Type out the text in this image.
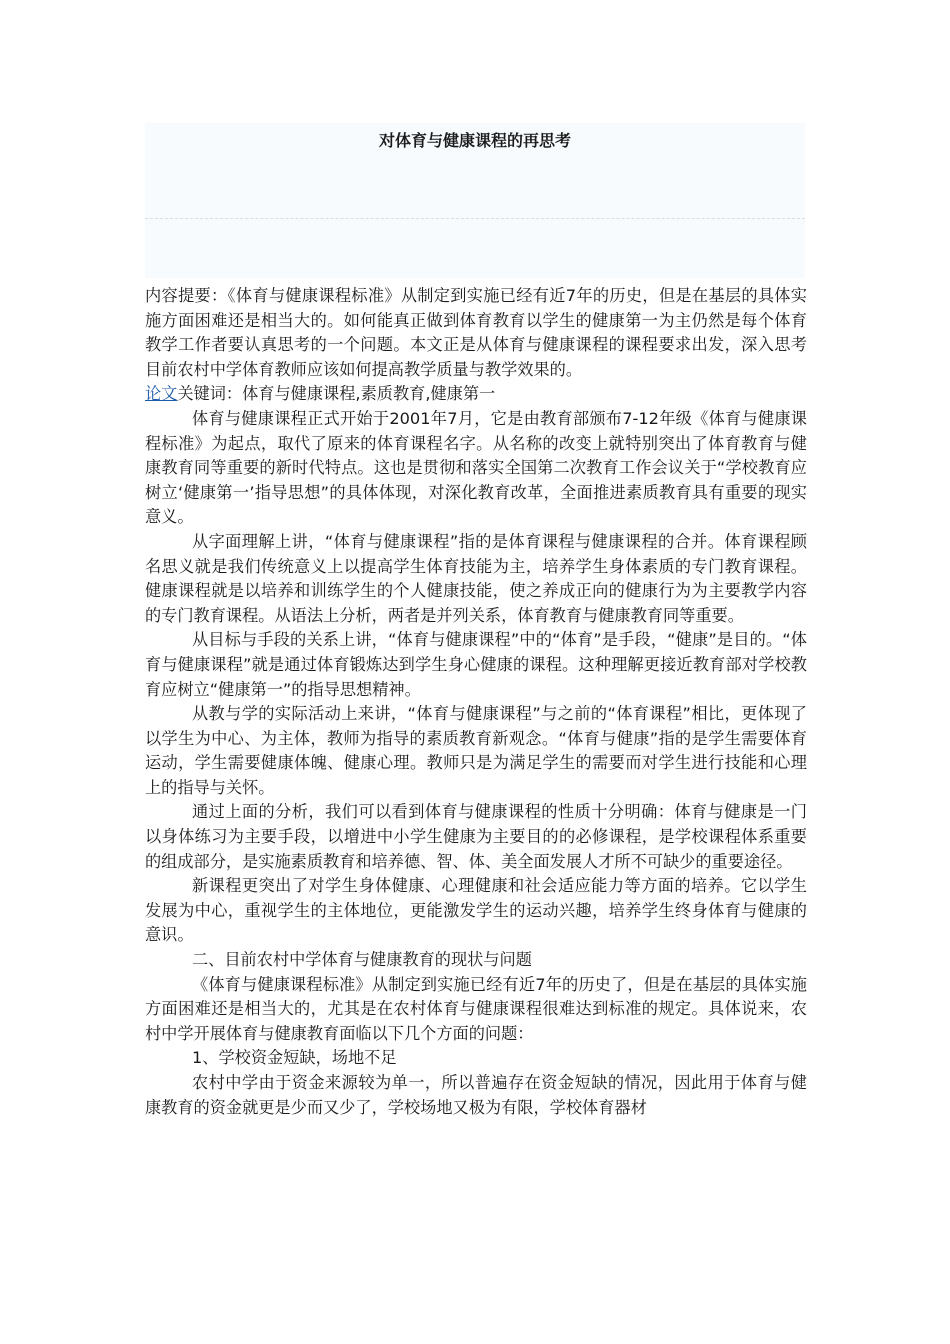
对体育与健康课程的再思考

内容提要：《体育与健康课程标准》从制定到实施已经有近7年的历史，但是在基层的具体实施方面困难还是相当大的。如何能真正做到体育教育以学生的健康第一为主仍然是每个体育教学工作者要认真思考的一个问题。本文正是从体育与健康课程的课程要求出发，深入思考目前农村中学体育教师应该如何提高教学质量与教学效果的。

论文关键词：体育与健康课程,素质教育,健康第一

体育与健康课程正式开始于2001年7月，它是由教育部颁布7-12年级《体育与健康课程标准》为起点，取代了原来的体育课程名字。从名称的改变上就特别突出了体育教育与健康教育同等重要的新时代特点。这也是贯彻和落实全国第二次教育工作会议关于“学校教育应树立‘健康第一’指导思想”的具体体现，对深化教育改革，全面推进素质教育具有重要的现实意义。

从字面理解上讲，“体育与健康课程”指的是体育课程与健康课程的合并。体育课程顾名思义就是我们传统意义上以提高学生体育技能为主，培养学生身体素质的专门教育课程。健康课程就是以培养和训练学生的个人健康技能，使之养成正向的健康行为为主要教学内容的专门教育课程。从语法上分析，两者是并列关系，体育教育与健康教育同等重要。

从目标与手段的关系上讲，“体育与健康课程”中的“体育”是手段，“健康”是目的。“体育与健康课程”就是通过体育锻炼达到学生身心健康的课程。这种理解更接近教育部对学校教育应树立“健康第一”的指导思想精神。

从教与学的实际活动上来讲，“体育与健康课程”与之前的“体育课程”相比，更体现了以学生为中心、为主体，教师为指导的素质教育新观念。“体育与健康”指的是学生需要体育运动，学生需要健康体魄、健康心理。教师只是为满足学生的需要而对学生进行技能和心理上的指导与关怀。

通过上面的分析，我们可以看到体育与健康课程的性质十分明确：体育与健康是一门以身体练习为主要手段，以增进中小学生健康为主要目的的必修课程，是学校课程体系重要的组成部分，是实施素质教育和培养德、智、体、美全面发展人才所不可缺少的重要途径。

新课程更突出了对学生身体健康、心理健康和社会适应能力等方面的培养。它以学生发展为中心，重视学生的主体地位，更能激发学生的运动兴趣，培养学生终身体育与健康的意识。

二、目前农村中学体育与健康教育的现状与问题

《体育与健康课程标准》从制定到实施已经有近7年的历史了，但是在基层的具体实施方面困难还是相当大的，尤其是在农村体育与健康课程很难达到标准的规定。具体说来，农村中学开展体育与健康教育面临以下几个方面的问题：

1、学校资金短缺，场地不足

农村中学由于资金来源较为单一，所以普遍存在资金短缺的情况，因此用于体育与健康教育的资金就更是少而又少了，学校场地又极为有限，学校体育器材
